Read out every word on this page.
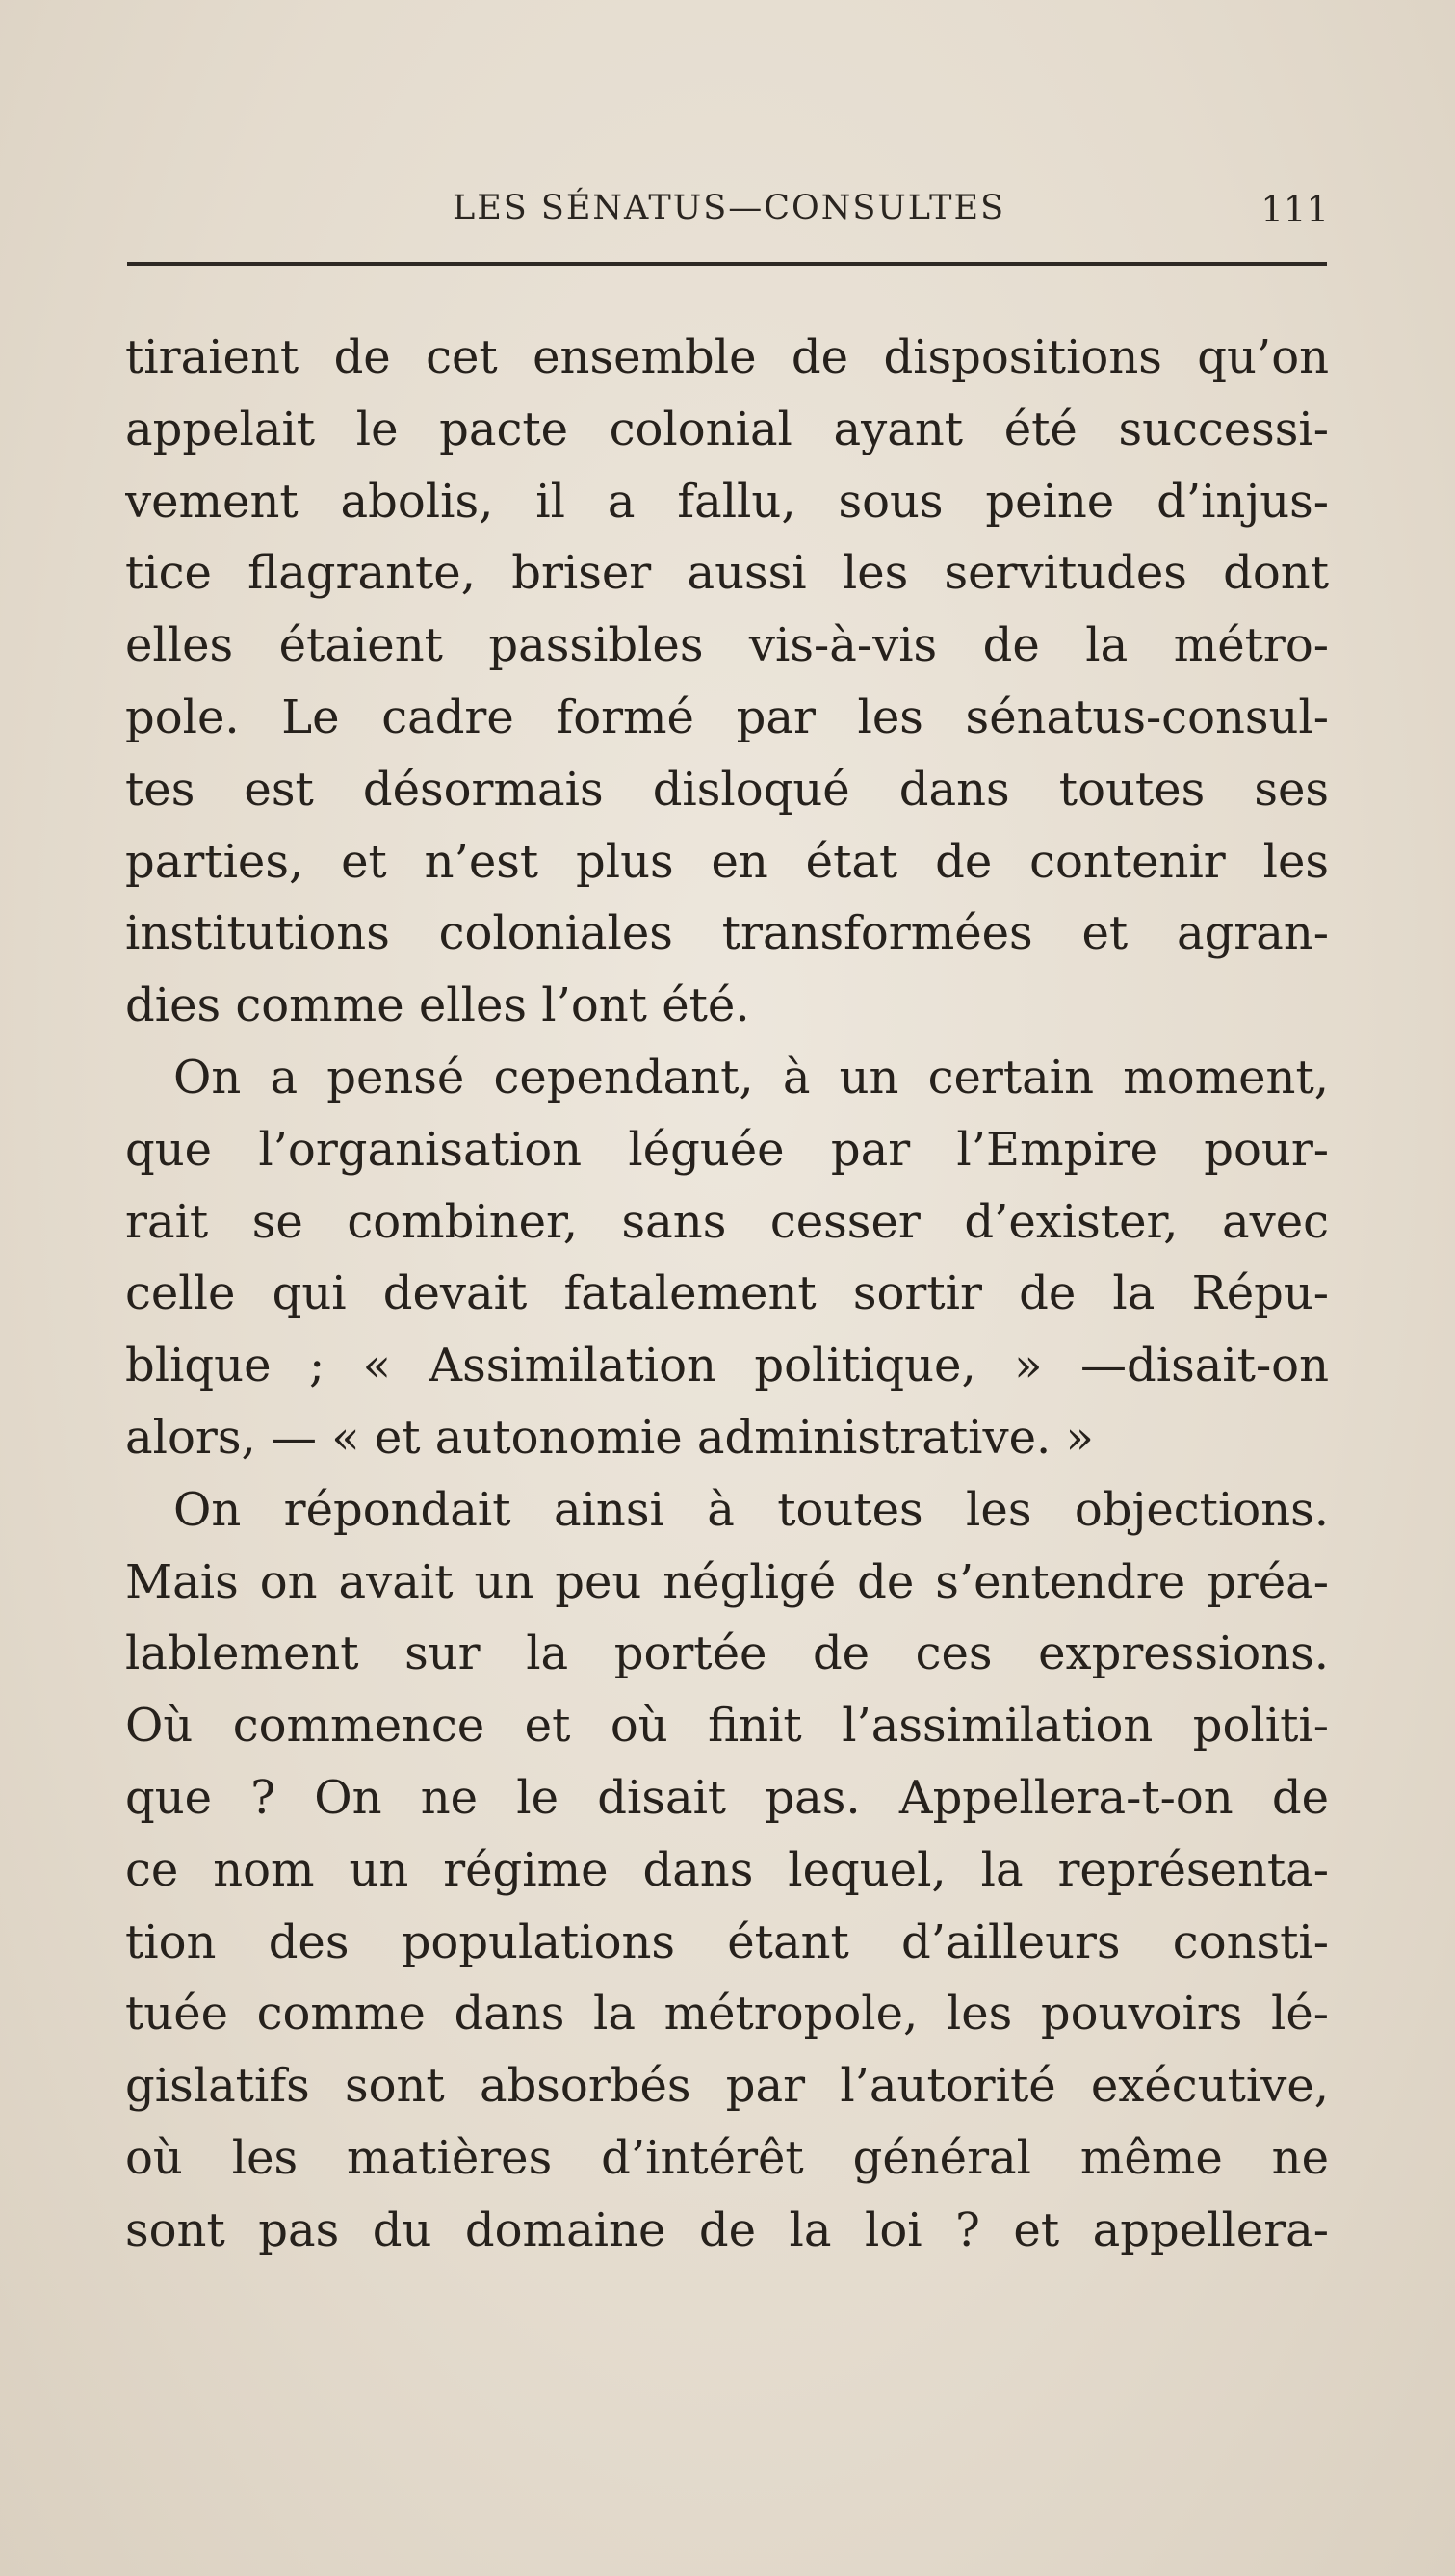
LES SÉNATUS—CONSULTES	111
tiraient de cet ensemble de dispositions qu’on
appelait le pacte colonial ayant été successi-
vement abolis, il a fallu, sous peine d’injus-
tice flagrante, briser aussi les servitudes dont
elles étaient passibles vis-à-vis de la métro-
pole. Le cadre formé par les sénatus-consul-
tes est désormais disloqué dans toutes ses
parties, et n’est plus en état de contenir les
institutions coloniales transformées et agran-
dies comme elles l’ont été.
On a pensé cependant, à un certain moment,
que l’organisation léguée par l’Empire pour-
rait se combiner, sans cesser d’exister, avec
celle qui devait fatalement sortir de la Répu-
blique ; « Assimilation politique, » —disait-on
alors, — « et autonomie administrative. »
On répondait ainsi à toutes les objections.
Mais on avait un peu négligé de s’entendre préa-
lablement sur la portée de ces expressions.
Où commence et où finit l’assimilation politi-
que ? On ne le disait pas. Appellera-t-on de
ce nom un régime dans lequel, la représenta-
tion des populations étant d’ailleurs consti-
tuée comme dans la métropole, les pouvoirs lé-
gislatifs sont absorbés par l’autorité exécutive,
où les matières d’intérêt général même ne
sont pas du domaine de la loi ? et appellera-
